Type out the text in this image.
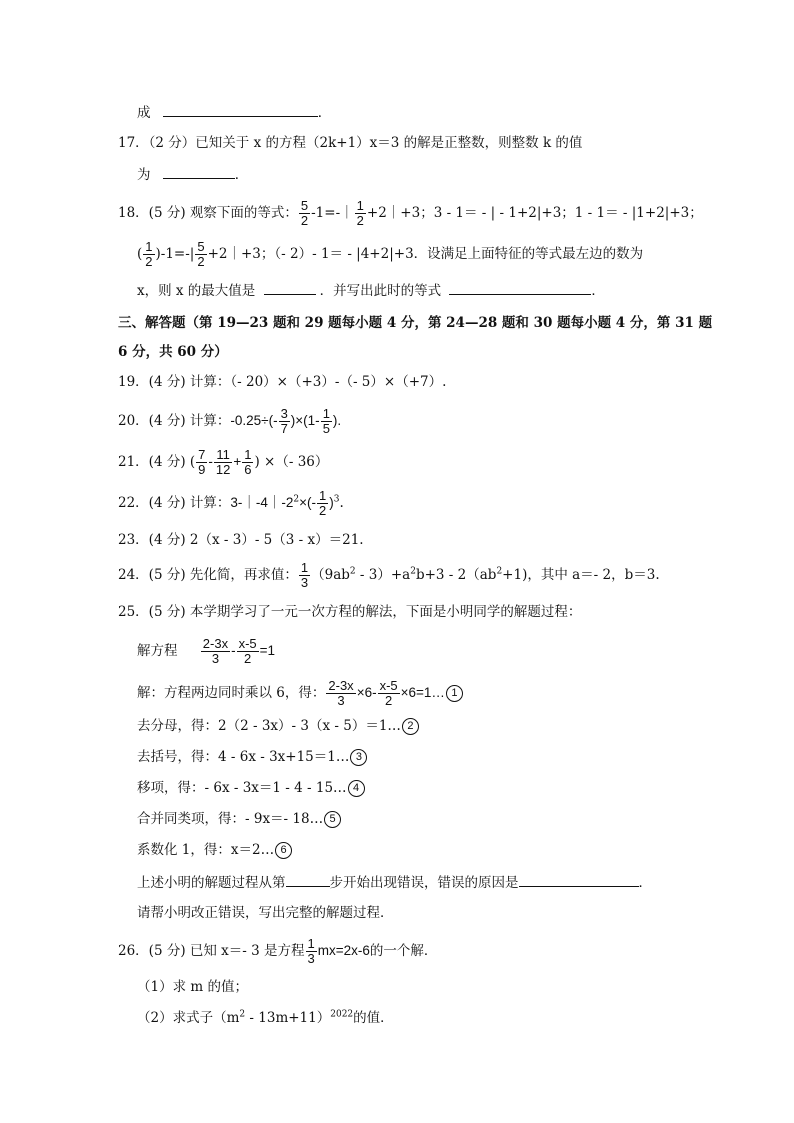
成	．
17．（2 分）已知关于 x 的方程（2k+1）x＝3 的解是正整数，则整数 k 的值
为	．
18．(5 分) 观察下面的等式： $\frac{5}{2}$ -1=-｜ $\frac{1}{2}$ +2｜+3；3 - 1＝ - | - 1+2|+3；1 - 1＝ - |1+2|+3；
( $\frac{1}{2} )-1=-| \frac{5}{2}$ +2｜+3；（- 2）- 1＝ - |4+2|+3．设满足上面特征的等式最左边的数为
x，则 x 的最大值是	．并写出此时的等式	．
三、解答题（第 19—23 题和 29 题每小题 4 分，第 24—28 题和 30 题每小题 4 分，第 31 题
6 分，共 60 分）
19．(4 分) 计算：（- 20）×（+3）-（- 5）×（+7）.
20．(4 分) 计算：$-0.25\div(- \frac{3}{7} )\times(1- \frac{1}{5}$ ).
21．(4 分) ( $\frac{7}{9} - \frac{11}{12} + \frac{1}{6}$ ) ×（- 36）
22．(4 分) 计算：$3-|-4|-2^2\times(- \frac{1}{2} )^3$.
23．(4 分) 2（x - 3）- 5（3 - x）＝21.
24．(5 分) 先化简，再求值： $\frac{1}{3} (9ab^2 - 3)+a^2b+3 - 2(ab^2+1)$，其中 a＝- 2，b＝3.
25．(5 分) 本学期学习了一元一次方程的解法，下面是小明同学的解题过程：
解方程 $\frac{2-3x}{3} - \frac{x-5}{2} =1$
解：方程两边同时乘以 6，得： $\frac{2-3x}{3} \times 6- \frac{x-5}{2}$ ×6=1… 1
去分母，得：2（2 - 3x）- 3（x - 5）＝1… 2
去括号，得：4 - 6x - 3x+15＝1… 3
移项，得：- 6x - 3x＝1 - 4 - 15… 4
合并同类项，得：- 9x＝- 18… 5
系数化 1，得：x＝2… 6
上述小明的解题过程从第	步开始出现错误，错误的原因是	．
请帮小明改正错误，写出完整的解题过程．
26．(5 分) 已知 x＝- 3 是方程 $\frac{1}{3} mx=2x-6$的一个解．
（1）求 m 的值；
（2）求式子$(m^2 - 13m+11)^{2022}$的值．
